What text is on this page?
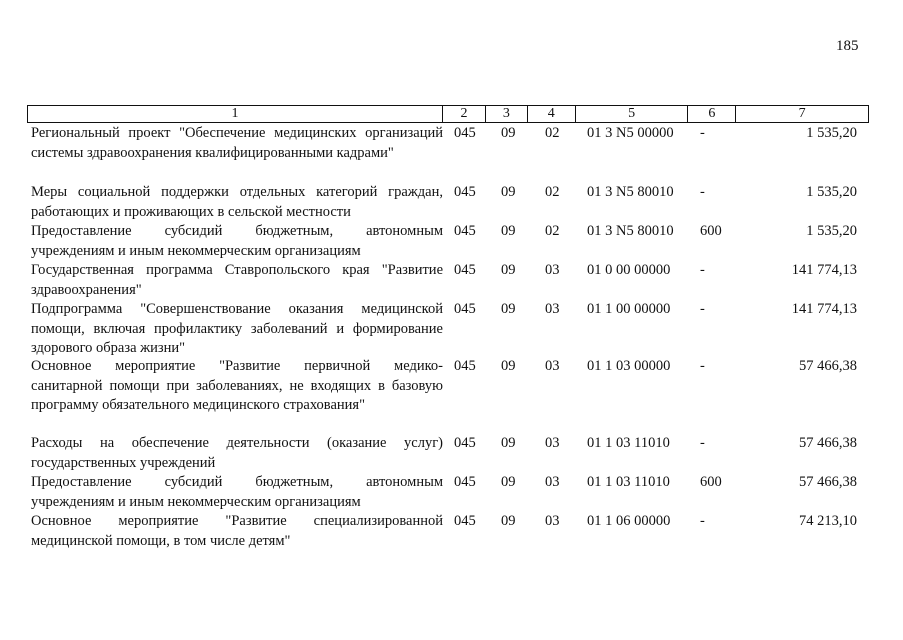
185
1	2	3	4	5	6	7
Региональный проект "Обеспечение медицинских организаций
системы здравоохранения квалифицированными кадрами"
045	09	02	01 3 N5 00000	-	1 535,20
Меры социальной поддержки отдельных категорий граждан,
работающих и проживающих в сельской местности
045	09	02	01 3 N5 80010	-	1 535,20
Предоставление субсидий бюджетным, автономным
учреждениям и иным некоммерческим организациям
045	09	02	01 3 N5 80010	600	1 535,20
Государственная программа Ставропольского края "Развитие
здравоохранения"
045	09	03	01 0 00 00000	-	141 774,13
Подпрограмма "Совершенствование оказания медицинской
помощи, включая профилактику заболеваний и формирование
здорового образа жизни"
045	09	03	01 1 00 00000	-	141 774,13
Основное мероприятие "Развитие первичной медико-
санитарной помощи при заболеваниях, не входящих в базовую
программу обязательного медицинского страхования"
045	09	03	01 1 03 00000	-	57 466,38
Расходы на обеспечение деятельности (оказание услуг)
государственных учреждений
045	09	03	01 1 03 11010	-	57 466,38
Предоставление субсидий бюджетным, автономным
учреждениям и иным некоммерческим организациям
045	09	03	01 1 03 11010	600	57 466,38
Основное мероприятие "Развитие специализированной
медицинской помощи, в том числе детям"
045	09	03	01 1 06 00000	-	74 213,10
